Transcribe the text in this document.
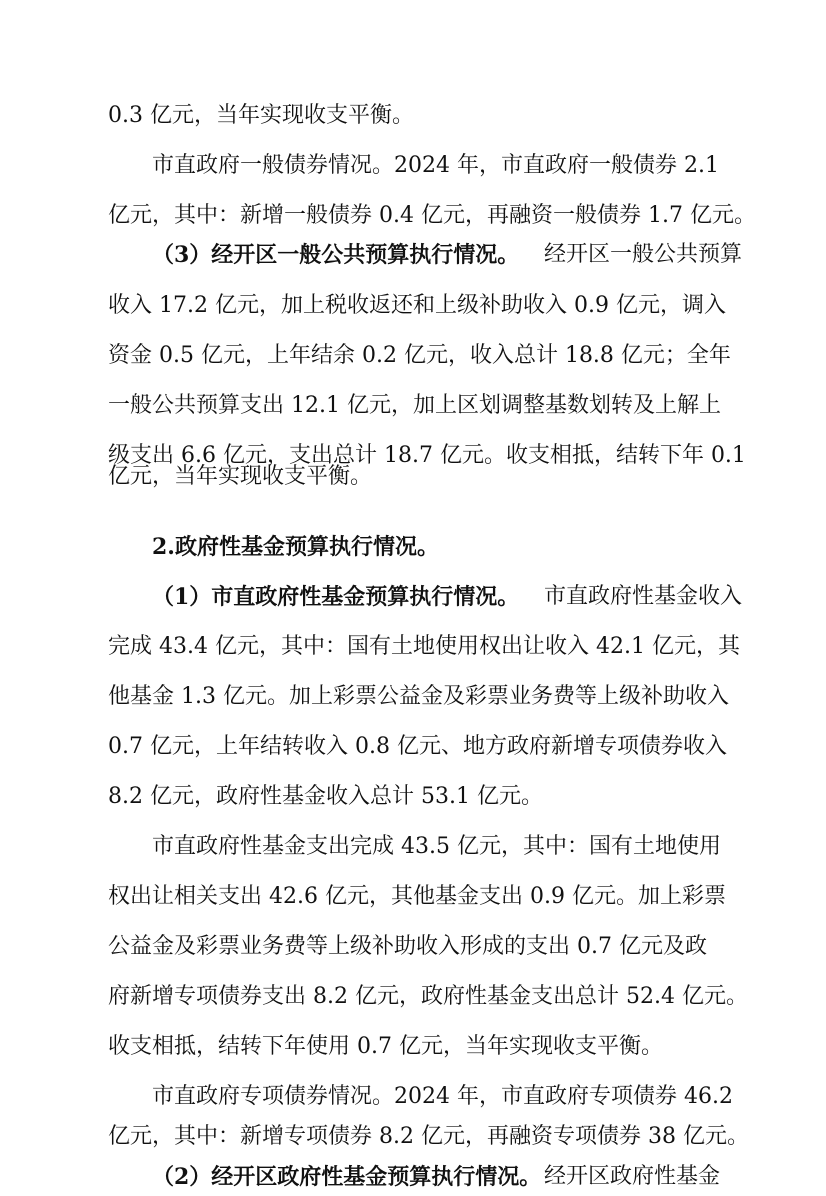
0.3 亿元，当年实现收支平衡。
市直政府一般债券情况。2024 年，市直政府一般债券 2.1
亿元，其中：新增一般债券 0.4 亿元，再融资一般债券 1.7 亿元。
（3）经开区一般公共预算执行情况。 经开区一般公共预算
收入 17.2 亿元，加上税收返还和上级补助收入 0.9 亿元，调入
资金 0.5 亿元，上年结余 0.2 亿元，收入总计 18.8 亿元；全年
一般公共预算支出 12.1 亿元，加上区划调整基数划转及上解上
级支出 6.6 亿元，支出总计 18.7 亿元。收支相抵，结转下年 0.1
亿元，当年实现收支平衡。
2.政府性基金预算执行情况。
（1）市直政府性基金预算执行情况。 市直政府性基金收入
完成 43.4 亿元，其中：国有土地使用权出让收入 42.1 亿元，其
他基金 1.3 亿元。加上彩票公益金及彩票业务费等上级补助收入
0.7 亿元，上年结转收入 0.8 亿元、地方政府新增专项债券收入
8.2 亿元，政府性基金收入总计 53.1 亿元。
市直政府性基金支出完成 43.5 亿元，其中：国有土地使用
权出让相关支出 42.6 亿元，其他基金支出 0.9 亿元。加上彩票
公益金及彩票业务费等上级补助收入形成的支出 0.7 亿元及政
府新增专项债券支出 8.2 亿元，政府性基金支出总计 52.4 亿元。
收支相抵，结转下年使用 0.7 亿元，当年实现收支平衡。
市直政府专项债券情况。2024 年，市直政府专项债券 46.2
亿元，其中：新增专项债券 8.2 亿元，再融资专项债券 38 亿元。
（2）经开区政府性基金预算执行情况。 经开区政府性基金
